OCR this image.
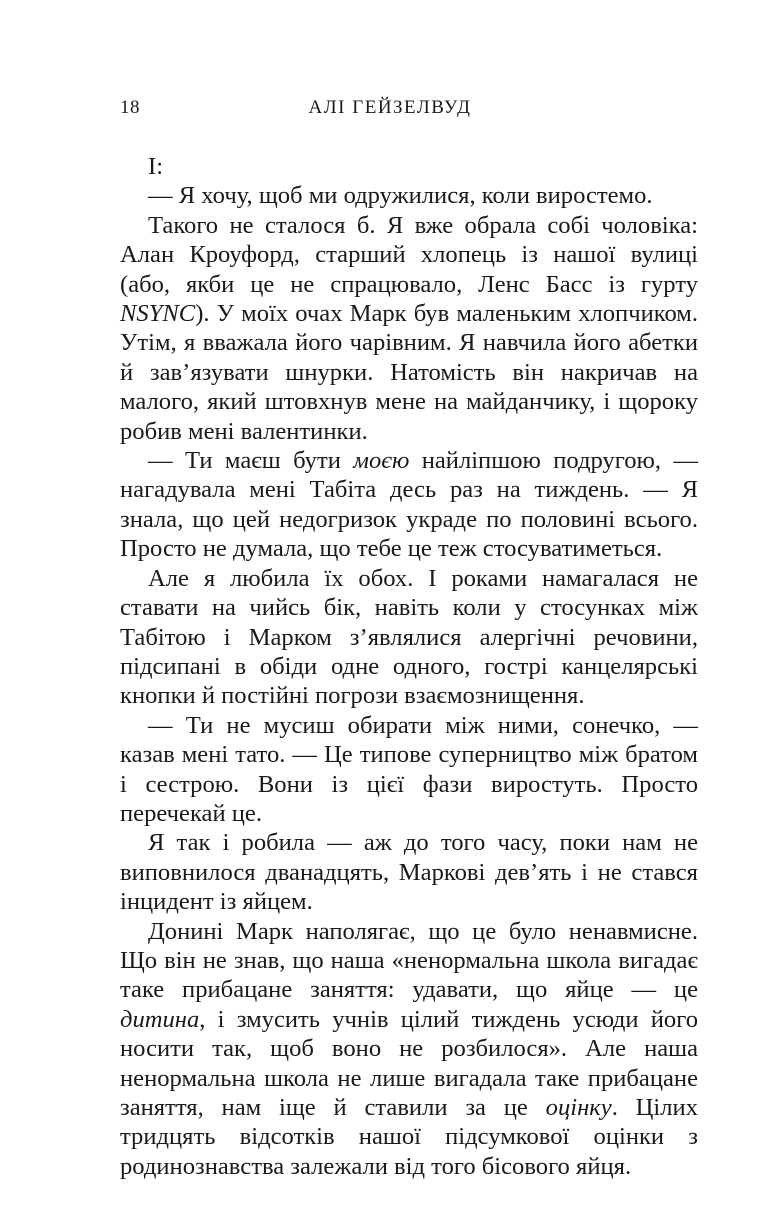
18	АЛІ ГЕЙЗЕЛВУД

І:

— Я хочу, щоб ми одружилися, коли виростемо.

Такого не сталося б. Я вже обрала собі чоловіка: Алан Кроуфорд, старший хлопець із нашої вулиці (або, якби це не спрацювало, Ленс Басс із гурту NSYNC). У моїх очах Марк був маленьким хлопчиком. Утім, я вважала його чарівним. Я навчила його абетки й зав’язувати шнурки. Натомість він накричав на малого, який штовхнув мене на майданчику, і щороку робив мені валентинки.

— Ти маєш бути моєю найліпшою подругою, — нагадувала мені Табіта десь раз на тиждень. — Я знала, що цей недогризок украде по половині всього. Просто не думала, що тебе це теж стосуватиметься.

Але я любила їх обох. І роками намагалася не ставати на чийсь бік, навіть коли у стосунках між Табітою і Марком з’являлися алергічні речовини, підсипані в обіди одне одного, гострі канцелярські кнопки й постійні погрози взаємознищення.

— Ти не мусиш обирати між ними, сонечко, — казав мені тато. — Це типове суперництво між братом і сестрою. Вони із цієї фази виростуть. Просто перечекай це.

Я так і робила — аж до того часу, поки нам не виповнилося дванадцять, Маркові дев’ять і не стався інцидент із яйцем.

Донині Марк наполягає, що це було ненавмисне. Що він не знав, що наша «ненормальна школа вигадає таке прибацане заняття: удавати, що яйце — це дитина, і змусить учнів цілий тиждень усюди його носити так, щоб воно не розбилося». Але наша ненормальна школа не лише вигадала таке прибацане заняття, нам іще й ставили за це оцінку. Цілих тридцять відсотків нашої підсумкової оцінки з родинознавства залежали від того бісового яйця.
